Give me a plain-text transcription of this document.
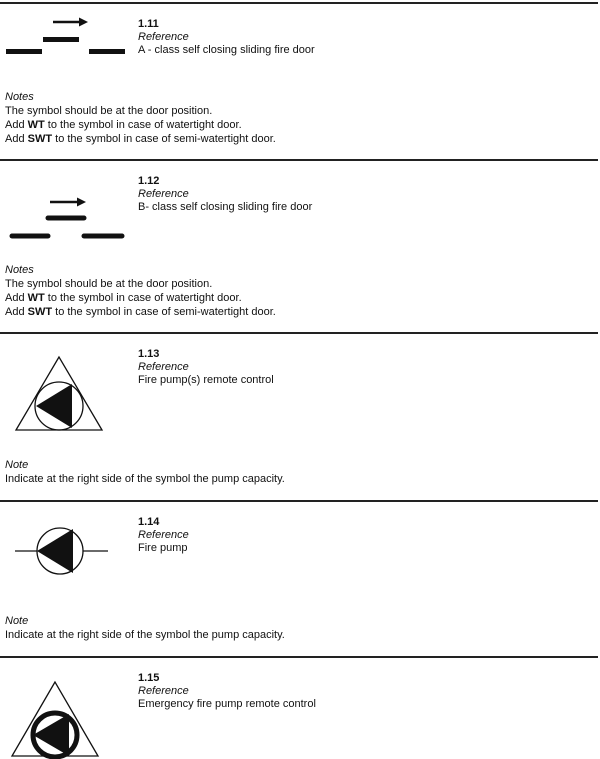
1.11
Reference
A - class self closing sliding fire door
Notes
The symbol should be at the door position.
Add WT to the symbol in case of watertight door.
Add SWT to the symbol in case of semi-watertight door.
1.12
Reference
B- class self closing sliding fire door
Notes
The symbol should be at the door position.
Add WT to the symbol in case of watertight door.
Add SWT to the symbol in case of semi-watertight door.
1.13
Reference
Fire pump(s) remote control
Note
Indicate at the right side of the symbol the pump capacity.
1.14
Reference
Fire pump
Note
Indicate at the right side of the symbol the pump capacity.
1.15
Reference
Emergency fire pump remote control
